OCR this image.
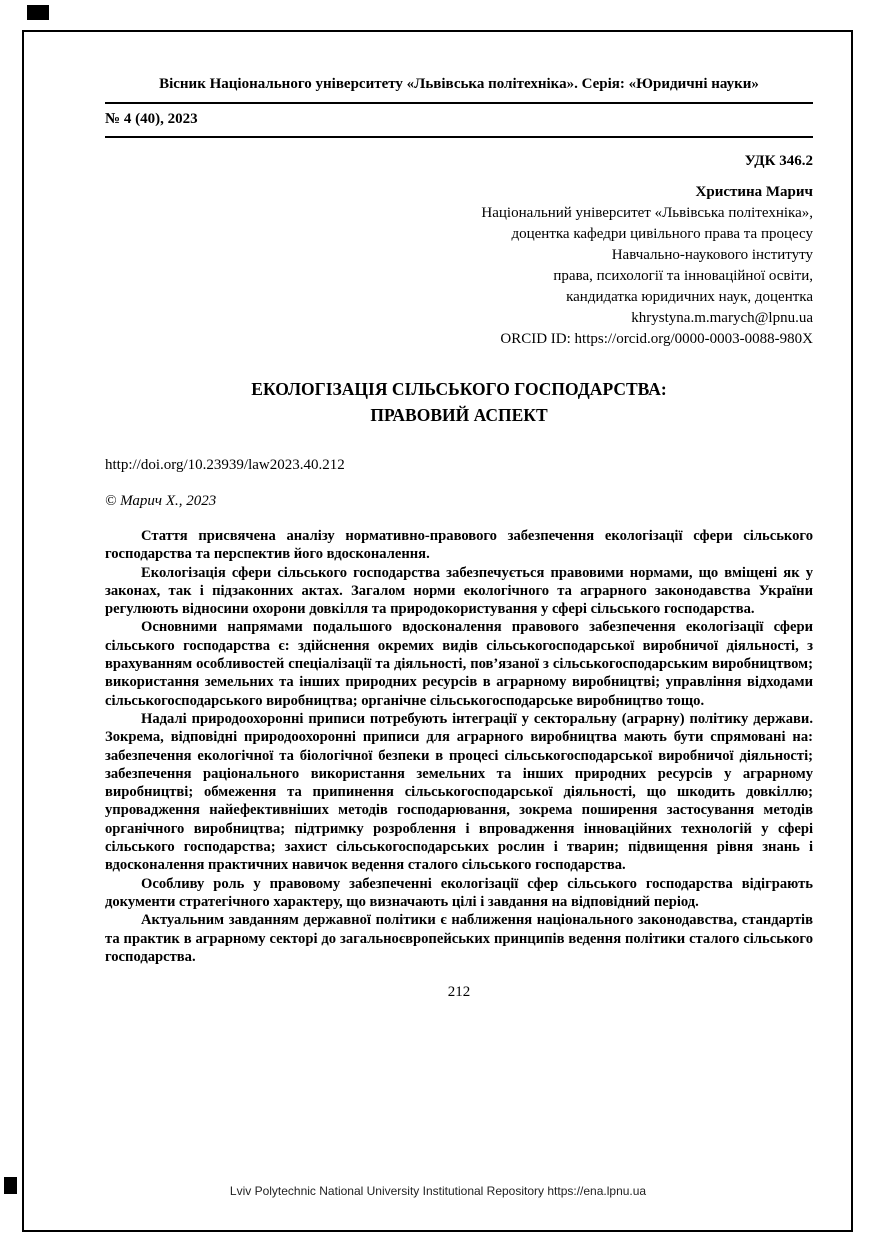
Вісник Національного університету «Львівська політехніка». Серія: «Юридичні науки»
№ 4 (40), 2023
УДК 346.2
Христина Марич
Національний університет «Львівська політехніка»,
доцентка кафедри цивільного права та процесу
Навчально-наукового інституту
права, психології та інноваційної освіти,
кандидатка юридичних наук, доцентка
khrystyna.m.marych@lpnu.ua
ORCID ID: https://orcid.org/0000-0003-0088-980X
ЕКОЛОГІЗАЦІЯ СІЛЬСЬКОГО ГОСПОДАРСТВА:
ПРАВОВИЙ АСПЕКТ
http://doi.org/10.23939/law2023.40.212
© Марич Х., 2023

Стаття присвячена аналізу нормативно-правового забезпечення екологізації сфери сільського господарства та перспектив його вдосконалення.

Екологізація сфери сільського господарства забезпечується правовими нормами, що вміщені як у законах, так і підзаконних актах. Загалом норми екологічного та аграрного законодавства України регулюють відносини охорони довкілля та природокористування у сфері сільського господарства.

Основними напрямами подальшого вдосконалення правового забезпечення екологізації сфери сільського господарства є: здійснення окремих видів сільськогосподарської виробничої діяльності, з врахуванням особливостей спеціалізації та діяльності, пов’язаної з сільськогосподарським виробництвом; використання земельних та інших природних ресурсів в аграрному виробництві; управління відходами сільськогосподарського виробництва; органічне сільськогосподарське виробництво тощо.

Надалі природоохоронні приписи потребують інтеграції у секторальну (аграрну) політику держави. Зокрема, відповідні природоохоронні приписи для аграрного виробництва мають бути спрямовані на: забезпечення екологічної та біологічної безпеки в процесі сільськогосподарської виробничої діяльності; забезпечення раціонального використання земельних та інших природних ресурсів у аграрному виробництві; обмеження та припинення сільськогосподарської діяльності, що шкодить довкіллю; упровадження найефективніших методів господарювання, зокрема поширення застосування методів органічного виробництва; підтримку розроблення і впровадження інноваційних технологій у сфері сільського господарства; захист сільськогосподарських рослин і тварин; підвищення рівня знань і вдосконалення практичних навичок ведення сталого сільського господарства.

Особливу роль у правовому забезпеченні екологізації сфер сільського господарства відіграють документи стратегічного характеру, що визначають цілі і завдання на відповідний період.

Актуальним завданням державної політики є наближення національного законодавства, стандартів та практик в аграрному секторі до загальноєвропейських принципів ведення політики сталого сільського господарства.

212
Lviv Polytechnic National University Institutional Repository https://ena.lpnu.ua
